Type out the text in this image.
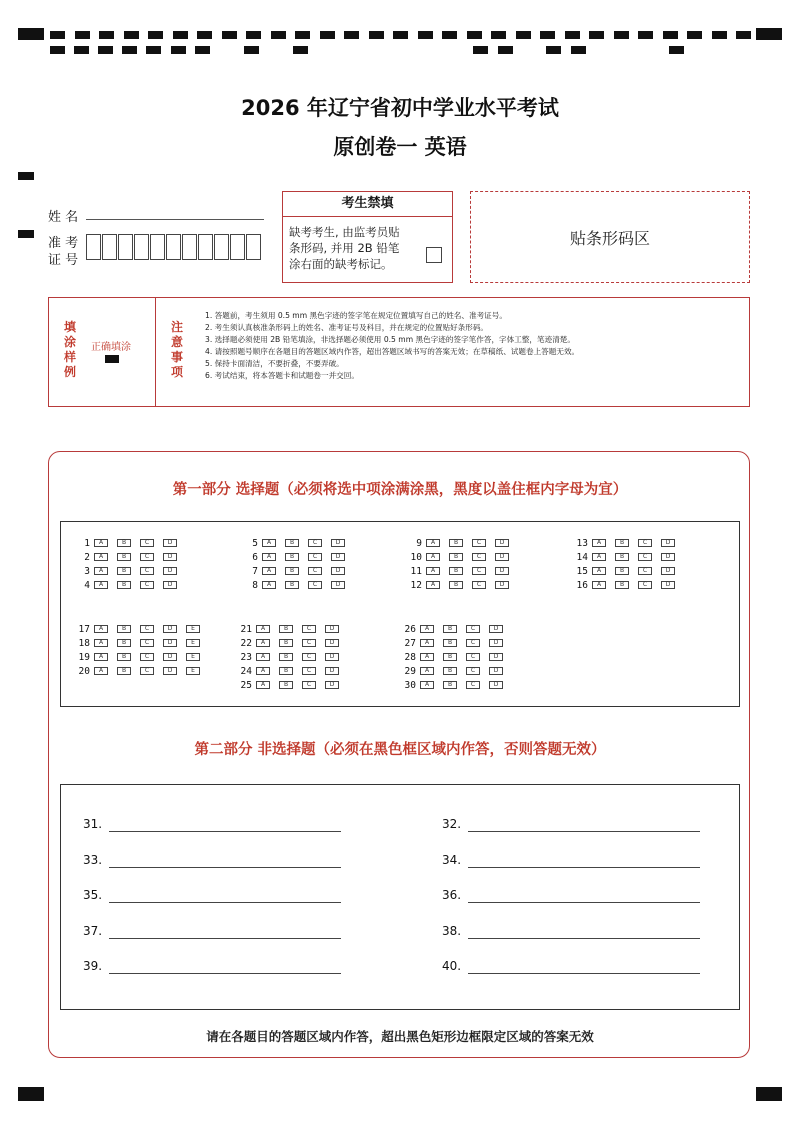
2026 年辽宁省初中学业水平考试
原创卷一 英语
姓 名
准 考
证 号
考生禁填
缺考考生, 由监考员贴
条形码, 并用 2B 铅笔
涂右面的缺考标记。
贴条形码区
填
涂
样
例
正确填涂
注
意
事
项
1. 答题前，考生须用 0.5 mm 黑色字迹的签字笔在规定位置填写自己的姓名、准考证号。
2. 考生须认真核准条形码上的姓名、准考证号及科目，并在规定的位置贴好条形码。
3. 选择题必须使用 2B 铅笔填涂，非选择题必须使用 0.5 mm 黑色字迹的签字笔作答，字体工整，笔迹清楚。
4. 请按照题号顺序在各题目的答题区域内作答，超出答题区域书写的答案无效；在草稿纸、试题卷上答题无效。
5. 保持卡面清洁，不要折叠，不要弄破。
6. 考试结束，将本答题卡和试题卷一并交回。
第一部分 选择题（必须将选中项涂满涂黑，黑度以盖住框内字母为宜）
1	A	B	C	D
2	A	B	C	D
3	A	B	C	D
4	A	B	C	D
5	A	B	C	D
6	A	B	C	D
7	A	B	C	D
8	A	B	C	D
9	A	B	C	D
10	A	B	C	D
11	A	B	C	D
12	A	B	C	D
13	A	B	C	D
14	A	B	C	D
15	A	B	C	D
16	A	B	C	D
17	A	B	C	D	E
18	A	B	C	D	E
19	A	B	C	D	E
20	A	B	C	D	E
21	A	B	C	D
22	A	B	C	D
23	A	B	C	D
24	A	B	C	D
25	A	B	C	D
26	A	B	C	D
27	A	B	C	D
28	A	B	C	D
29	A	B	C	D
30	A	B	C	D
第二部分 非选择题（必须在黑色框区域内作答，否则答题无效）
31.
33.
35.
37.
39.
32.
34.
36.
38.
40.
请在各题目的答题区域内作答，超出黑色矩形边框限定区域的答案无效
